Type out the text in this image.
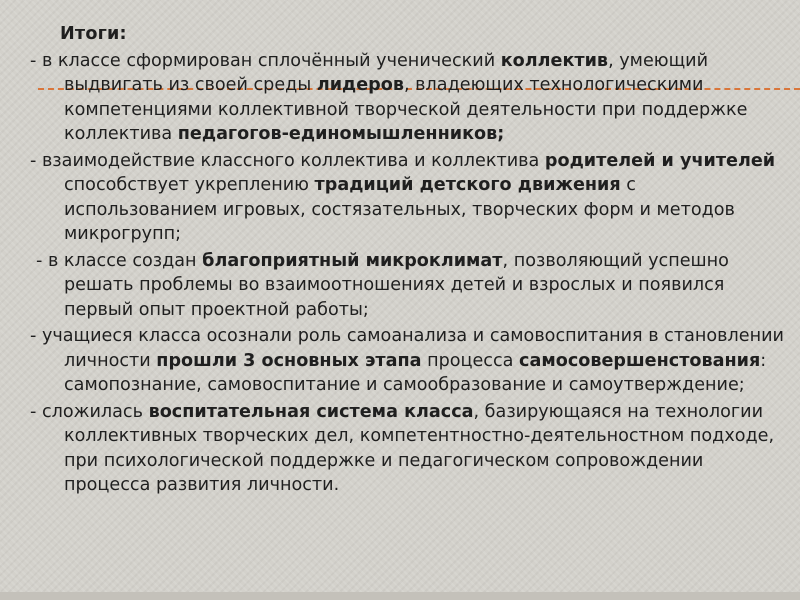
Итоги:

- в классе сформирован сплочённый ученический коллектив, умеющий выдвигать из своей среды лидеров, владеющих технологическими компетенциями коллективной творческой деятельности при поддержке коллектива педагогов-единомышленников;

- взаимодействие классного коллектива и коллектива родителей и учителей способствует укреплению традиций детского движения с использованием игровых, состязательных, творческих форм и методов микрогрупп;

- в классе создан благоприятный микроклимат, позволяющий успешно решать проблемы во взаимоотношениях детей и взрослых и появился первый опыт проектной работы;

- учащиеся класса осознали роль самоанализа и самовоспитания в становлении личности прошли 3 основных этапа процесса самосовершенстования: самопознание, самовоспитание и самообразование и самоутверждение;

- сложилась воспитательная система класса, базирующаяся на технологии коллективных творческих дел, компетентностно-деятельностном подходе, при психологической поддержке и педагогическом сопровождении процесса развития личности.
